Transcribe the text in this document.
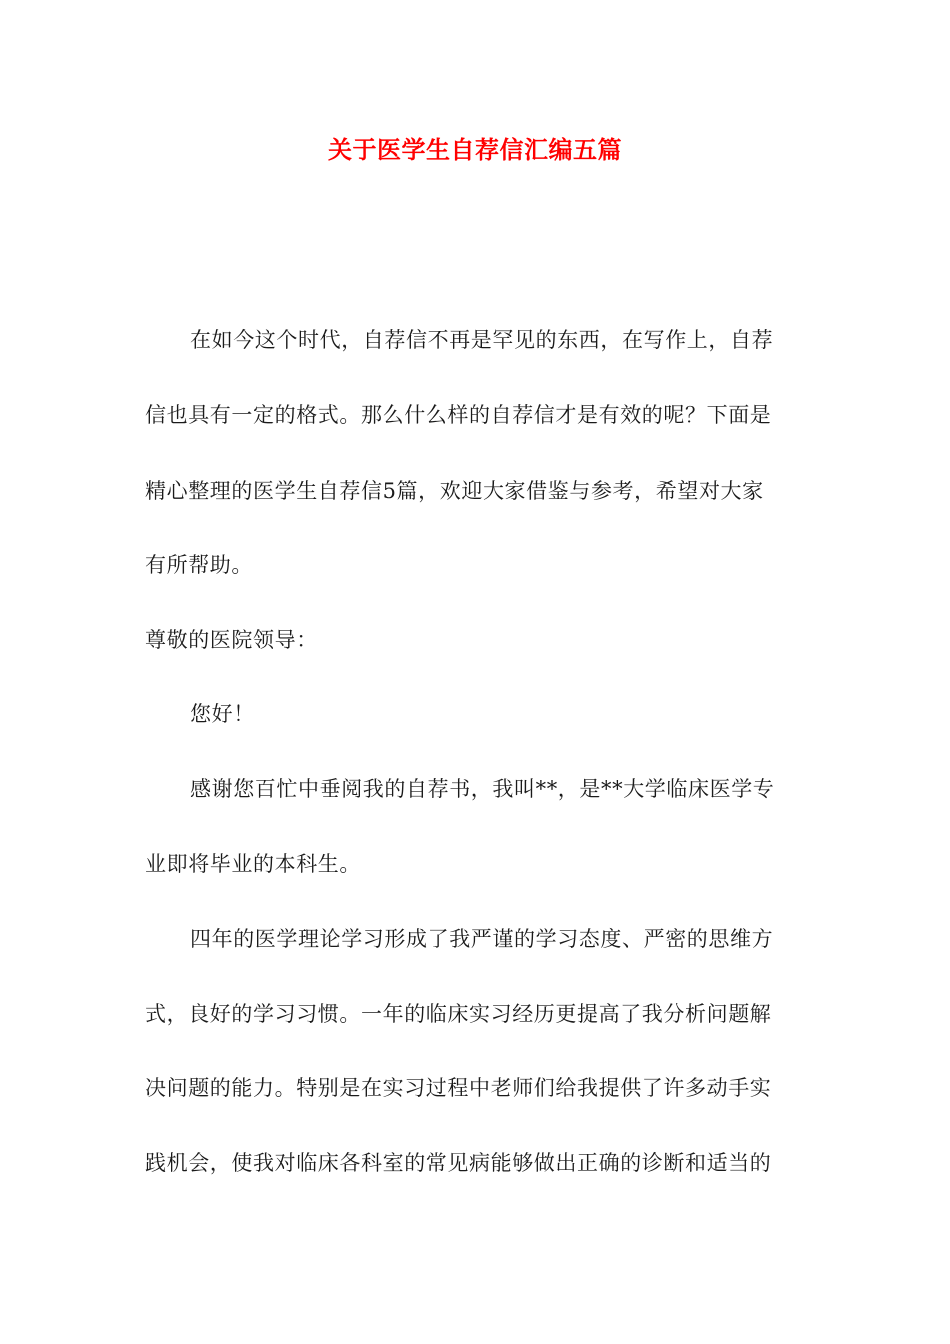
关于医学生自荐信汇编五篇

在如今这个时代，自荐信不再是罕见的东西，在写作上，自荐

信也具有一定的格式。那么什么样的自荐信才是有效的呢？下面是

精心整理的医学生自荐信5篇，欢迎大家借鉴与参考，希望对大家

有所帮助。

尊敬的医院领导：

您好！

感谢您百忙中垂阅我的自荐书，我叫**，是**大学临床医学专

业即将毕业的本科生。

四年的医学理论学习形成了我严谨的学习态度、严密的思维方

式，良好的学习习惯。一年的临床实习经历更提高了我分析问题解

决问题的能力。特别是在实习过程中老师们给我提供了许多动手实

践机会，使我对临床各科室的常见病能够做出正确的诊断和适当的
